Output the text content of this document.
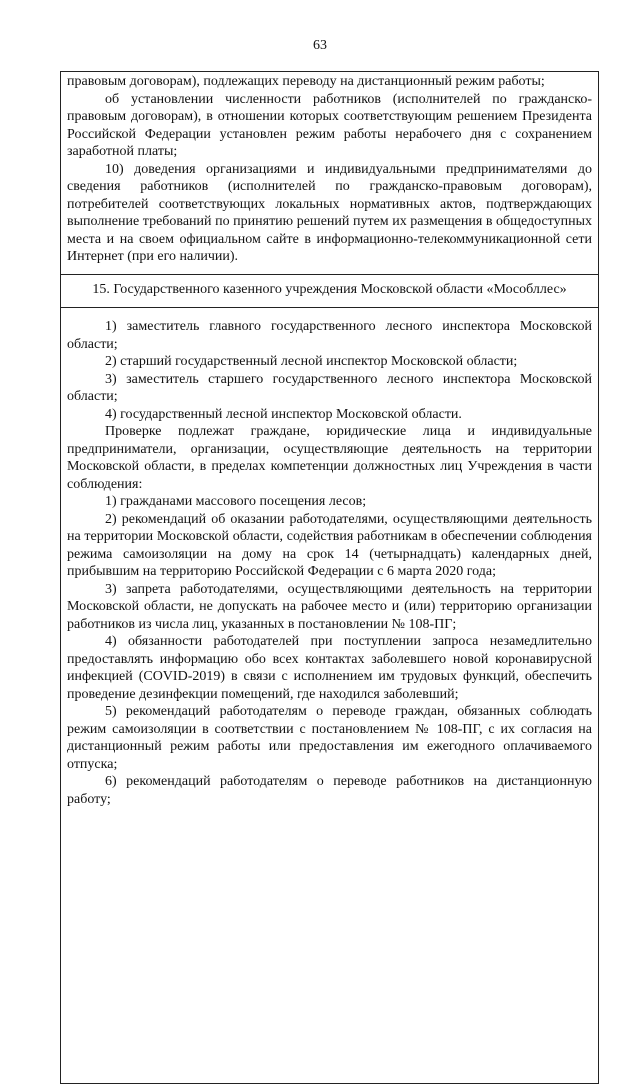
63

правовым договорам), подлежащих переводу на дистанционный режим работы;

об установлении численности работников (исполнителей по гражданско-правовым договорам), в отношении которых соответствующим решением Президента Российской Федерации установлен режим работы нерабочего дня с сохранением заработной платы;

10) доведения организациями и индивидуальными предпринимателями до сведения работников (исполнителей по гражданско-правовым договорам), потребителей соответствующих локальных нормативных актов, подтверждающих выполнение требований по принятию решений путем их размещения в общедоступных места и на своем официальном сайте в информационно-телекоммуникационной сети Интернет (при его наличии).

15. Государственного казенного учреждения Московской области «Мособллес»

1) заместитель главного государственного лесного инспектора Московской области;

2) старший государственный лесной инспектор Московской области;

3) заместитель старшего государственного лесного инспектора Московской области;

4) государственный лесной инспектор Московской области.

Проверке подлежат граждане, юридические лица и индивидуальные предприниматели, организации, осуществляющие деятельность на территории Московской области, в пределах компетенции должностных лиц Учреждения в части соблюдения:

1) гражданами массового посещения лесов;

2) рекомендаций об оказании работодателями, осуществляющими деятельность на территории Московской области, содействия работникам в обеспечении соблюдения режима самоизоляции на дому на срок 14 (четырнадцать) календарных дней, прибывшим на территорию Российской Федерации с 6 марта 2020 года;

3) запрета работодателями, осуществляющими деятельность на территории Московской области, не допускать на рабочее место и (или) территорию организации работников из числа лиц, указанных в постановлении № 108-ПГ;

4) обязанности работодателей при поступлении запроса незамедлительно предоставлять информацию обо всех контактах заболевшего новой коронавирусной инфекцией (COVID-2019) в связи с исполнением им трудовых функций, обеспечить проведение дезинфекции помещений, где находился заболевший;

5) рекомендаций работодателям о переводе граждан, обязанных соблюдать режим самоизоляции в соответствии с постановлением № 108-ПГ, с их согласия на дистанционный режим работы или предоставления им ежегодного оплачиваемого отпуска;

6) рекомендаций работодателям о переводе работников на дистанционную работу;
